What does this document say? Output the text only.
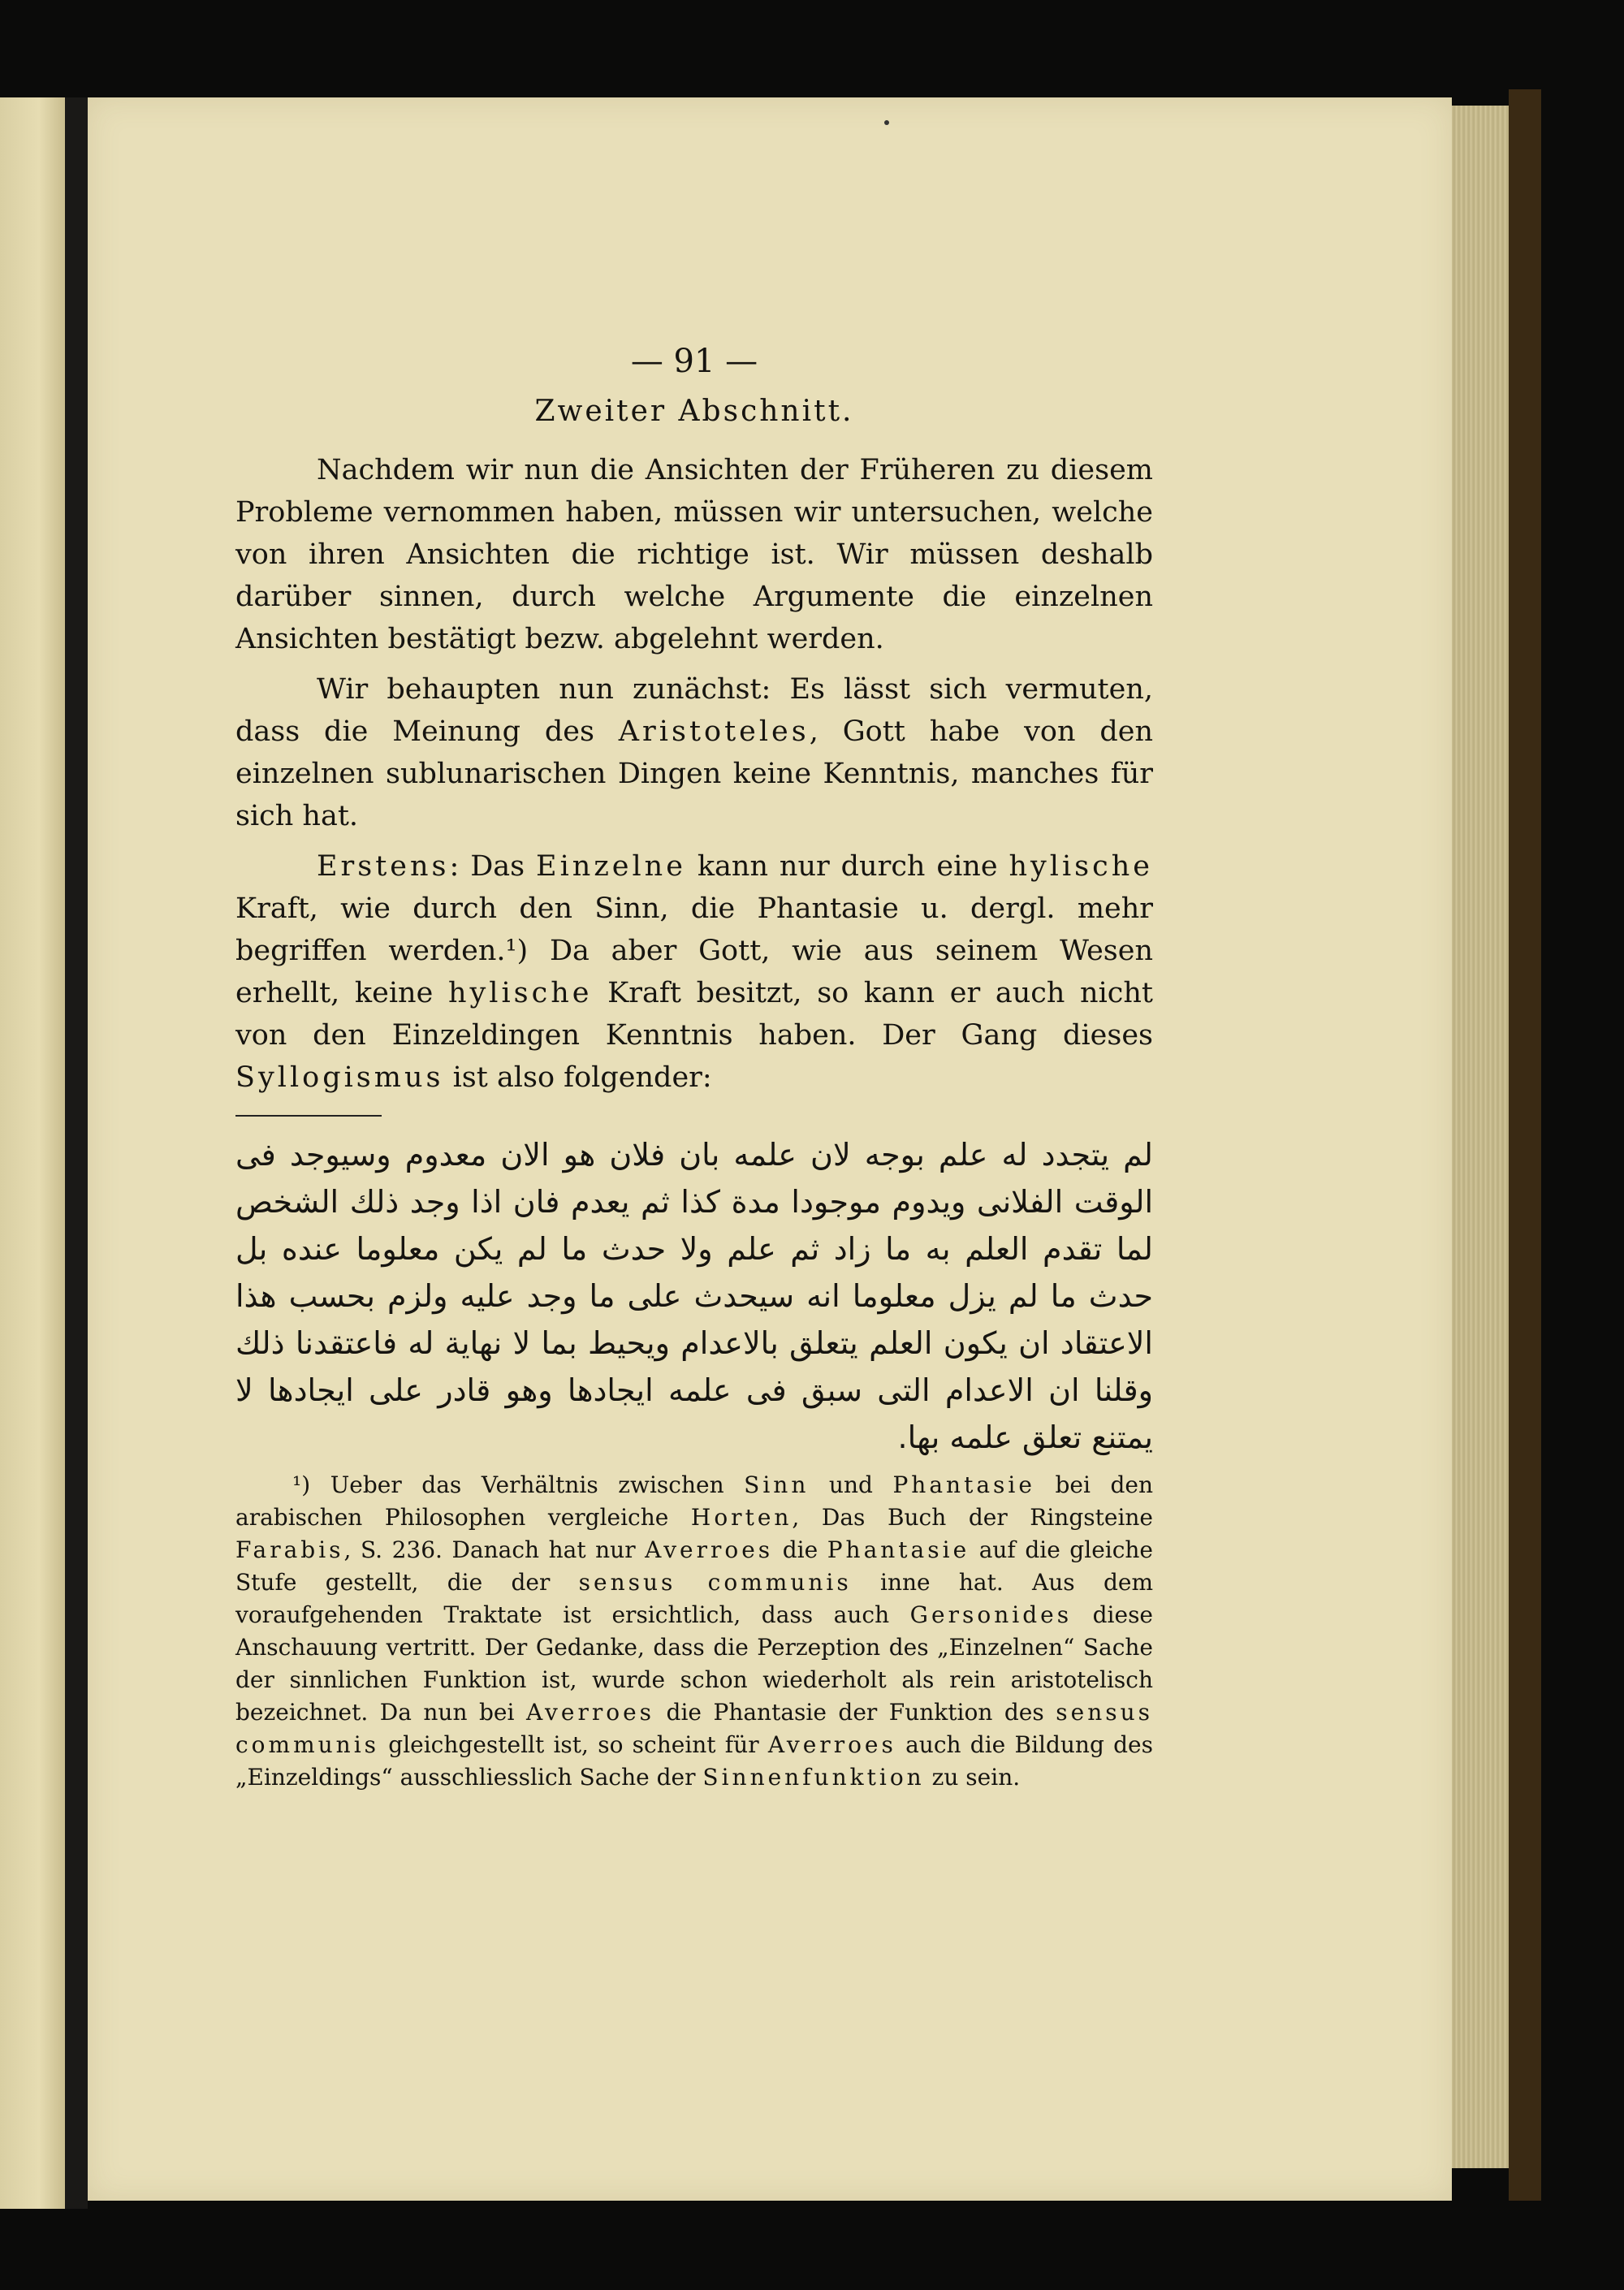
— 91 —
Zweiter Abschnitt.

Nachdem wir nun die Ansichten der Früheren zu diesem Probleme vernommen haben, müssen wir untersuchen, welche von ihren Ansichten die richtige ist. Wir müssen deshalb darüber sinnen, durch welche Argumente die einzelnen Ansichten bestätigt bezw. abgelehnt werden.

Wir behaupten nun zunächst: Es lässt sich vermuten, dass die Meinung des Aristoteles, Gott habe von den einzelnen sublunarischen Dingen keine Kenntnis, manches für sich hat.

Erstens: Das Einzelne kann nur durch eine hylische Kraft, wie durch den Sinn, die Phantasie u. dergl. mehr begriffen werden.¹) Da aber Gott, wie aus seinem Wesen erhellt, keine hylische Kraft besitzt, so kann er auch nicht von den Einzeldingen Kenntnis haben. Der Gang dieses Syllogismus ist also folgender:

لم يتجدد له علم بوجه لان علمه بان فلان هو الان معدوم وسيوجد فى الوقت الفلانى ويدوم موجودا مدة كذا ثم يعدم فان اذا وجد ذلك الشخص لما تقدم العلم به ما زاد ثم علم ولا حدث ما لم يكن معلوما عنده بل حدث ما لم يزل معلوما انه سيحدث على ما وجد عليه ولزم بحسب هذا الاعتقاد ان يكون العلم يتعلق بالاعدام ويحيط بما لا نهاية له فاعتقدنا ذلك وقلنا ان الاعدام التى سبق فى علمه ايجادها وهو قادر على ايجادها لا يمتنع تعلق علمه بها.

¹) Ueber das Verhältnis zwischen Sinn und Phantasie bei den arabischen Philosophen vergleiche Horten, Das Buch der Ringsteine Farabis, S. 236. Danach hat nur Averroes die Phantasie auf die gleiche Stufe gestellt, die der sensus communis inne hat. Aus dem voraufgehenden Traktate ist ersichtlich, dass auch Gersonides diese Anschauung vertritt. Der Gedanke, dass die Perzeption des „Einzelnen“ Sache der sinnlichen Funktion ist, wurde schon wiederholt als rein aristotelisch bezeichnet. Da nun bei Averroes die Phantasie der Funktion des sensus communis gleichgestellt ist, so scheint für Averroes auch die Bildung des „Einzeldings“ ausschliesslich Sache der Sinnenfunktion zu sein.
